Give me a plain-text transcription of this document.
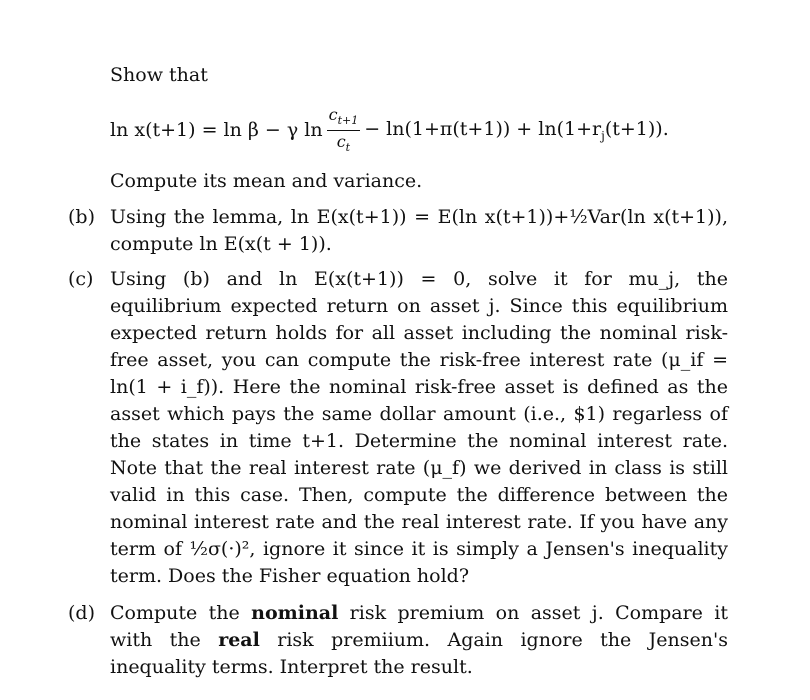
Show that
ln x(t+1) = ln β − γ $\ln \frac{c_{t+1}}{c_t} - \ln(1+\pi(t+1)) + \ln(1+r_j(t+1))$.
Compute its mean and variance.
(b) Using the lemma, ln E(x(t+1)) = E(ln x(t+1))+½Var(ln x(t+1)), compute ln E(x(t + 1)).
(c) Using (b) and ln E(x(t+1)) = 0, solve it for mu_j, the equilibrium expected return on asset j. Since this equilibrium expected return holds for all asset including the nominal risk-free asset, you can compute the risk-free interest rate (μ_if = ln(1 + i_f)). Here the nominal risk-free asset is defined as the asset which pays the same dollar amount (i.e., $1) regarless of the states in time t+1. Determine the nominal interest rate. Note that the real interest rate (μ_f) we derived in class is still valid in this case. Then, compute the difference between the nominal interest rate and the real interest rate. If you have any term of ½σ(·)², ignore it since it is simply a Jensen's inequality term. Does the Fisher equation hold?
(d) Compute the nominal risk premium on asset j. Compare it with the real risk premiium. Again ignore the Jensen's inequality terms. Interpret the result.
